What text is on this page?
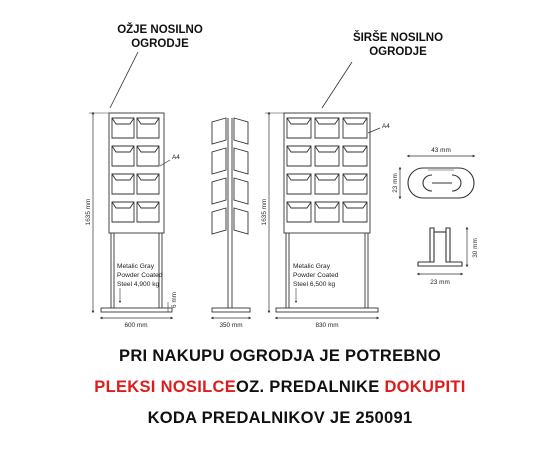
OŽJE NOSILNO
OGRODJE	ŠIRŠE NOSILNO
OGRODJE
A4
1635 mm
Metalic Gray
Powder Coated
Steel 4,900 kg
6 mm
600 mm	350 mm
A4
1635 mm
Metalic Gray
Powder Coated
Steel 6,500 kg
830 mm
43 mm
23 mm
30 mm
23 mm
PRI NAKUPU OGRODJA JE POTREBNO
PLEKSI NOSILCEOZ. PREDALNIKE DOKUPITI
KODA PREDALNIKOV JE 250091
